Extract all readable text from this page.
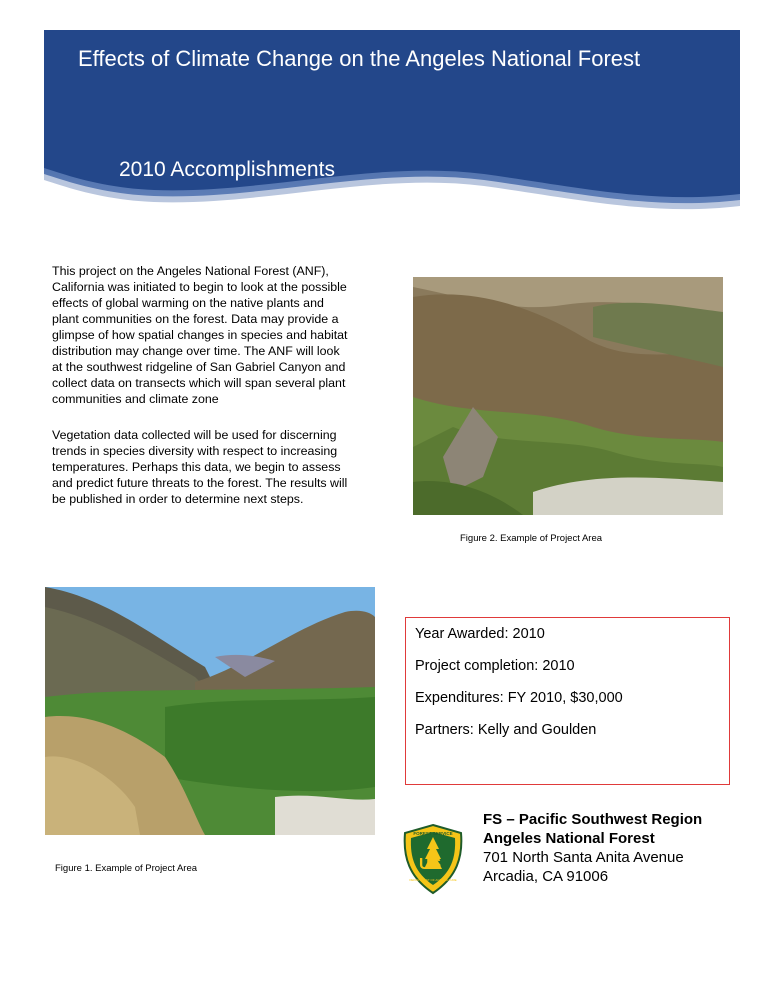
Effects of Climate Change on the Angeles National Forest
2010 Accomplishments

This project on the Angeles National Forest (ANF), California was initiated to begin to look at the possible effects of global warming on the native plants and plant communities on the forest. Data may provide a glimpse of how spatial changes in species and habitat distribution may change over time. The ANF will look at the southwest ridgeline of San Gabriel Canyon and collect data on transects which will span several plant communities and climate zone

Vegetation data collected will be used for discerning trends in species diversity with respect to increasing temperatures. Perhaps this data, we begin to assess and predict future threats to the forest. The results will be published in order to determine next steps.

Figure 2. Example of Project Area

Figure 1. Example of Project Area

Year Awarded: 2010

Project completion: 2010

Expenditures: FY 2010, $30,000

Partners: Kelly and Goulden

US
FOREST SERVICE
DEPARTMENT OF AGRICULTURE
FS – Pacific Southwest Region
Angeles National Forest
701 North Santa Anita Avenue
Arcadia, CA 91006
